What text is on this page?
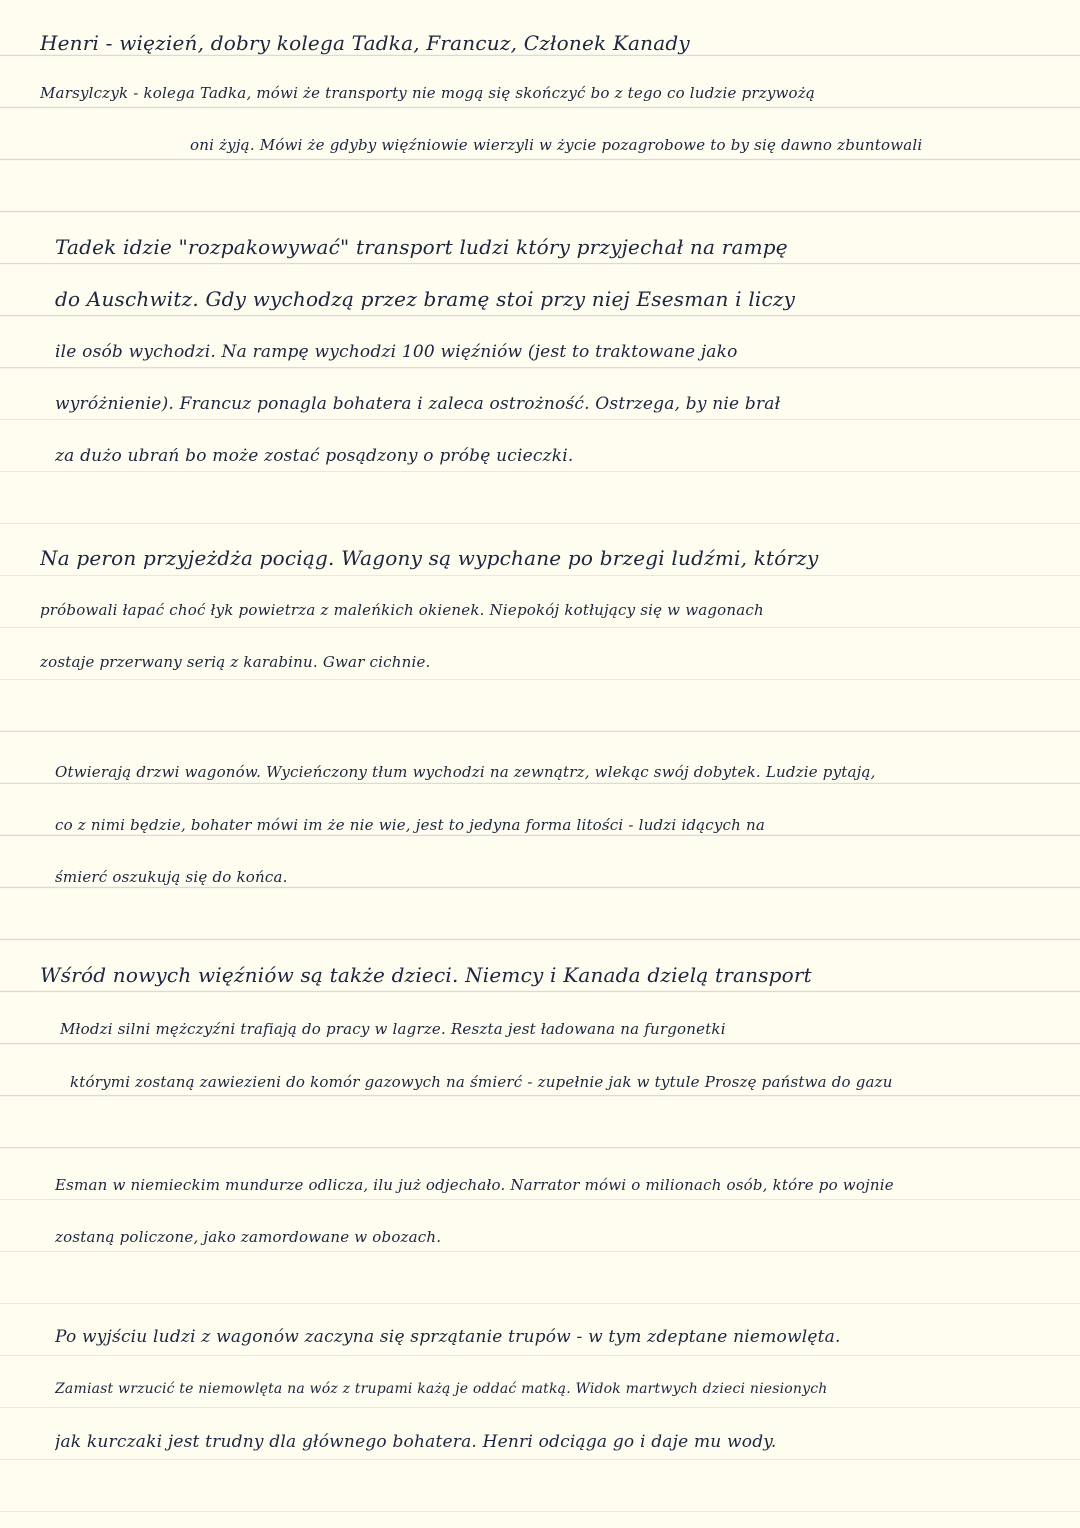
Henri - więzień, dobry kolega Tadka, Francuz, Członek Kanady
Marsylczyk - kolega Tadka, mówi że transporty nie mogą się skończyć bo z tego co ludzie przywożą
oni żyją. Mówi że gdyby więźniowie wierzyli w życie pozagrobowe to by się dawno zbuntowali
Tadek idzie "rozpakowywać" transport ludzi który przyjechał na rampę
do Auschwitz. Gdy wychodzą przez bramę stoi przy niej Esesman i liczy
ile osób wychodzi. Na rampę wychodzi 100 więźniów (jest to traktowane jako
wyróżnienie). Francuz ponagla bohatera i zaleca ostrożność. Ostrzega, by nie brał
za dużo ubrań bo może zostać posądzony o próbę ucieczki.
Na peron przyjeżdża pociąg. Wagony są wypchane po brzegi ludźmi, którzy
próbowali łapać choć łyk powietrza z maleńkich okienek. Niepokój kotłujący się w wagonach
zostaje przerwany serią z karabinu. Gwar cichnie.
Otwierają drzwi wagonów. Wycieńczony tłum wychodzi na zewnątrz, wlekąc swój dobytek. Ludzie pytają,
co z nimi będzie, bohater mówi im że nie wie, jest to jedyna forma litości - ludzi idących na
śmierć oszukują się do końca.
Wśród nowych więźniów są także dzieci. Niemcy i Kanada dzielą transport
Młodzi silni mężczyźni trafiają do pracy w lagrze. Reszta jest ładowana na furgonetki
którymi zostaną zawiezieni do komór gazowych na śmierć - zupełnie jak w tytule Proszę państwa do gazu
Esman w niemieckim mundurze odlicza, ilu już odjechało. Narrator mówi o milionach osób, które po wojnie
zostaną policzone, jako zamordowane w obozach.
Po wyjściu ludzi z wagonów zaczyna się sprzątanie trupów - w tym zdeptane niemowlęta.
Zamiast wrzucić te niemowlęta na wóz z trupami każą je oddać matką. Widok martwych dzieci niesionych
jak kurczaki jest trudny dla głównego bohatera. Henri odciąga go i daje mu wody.
